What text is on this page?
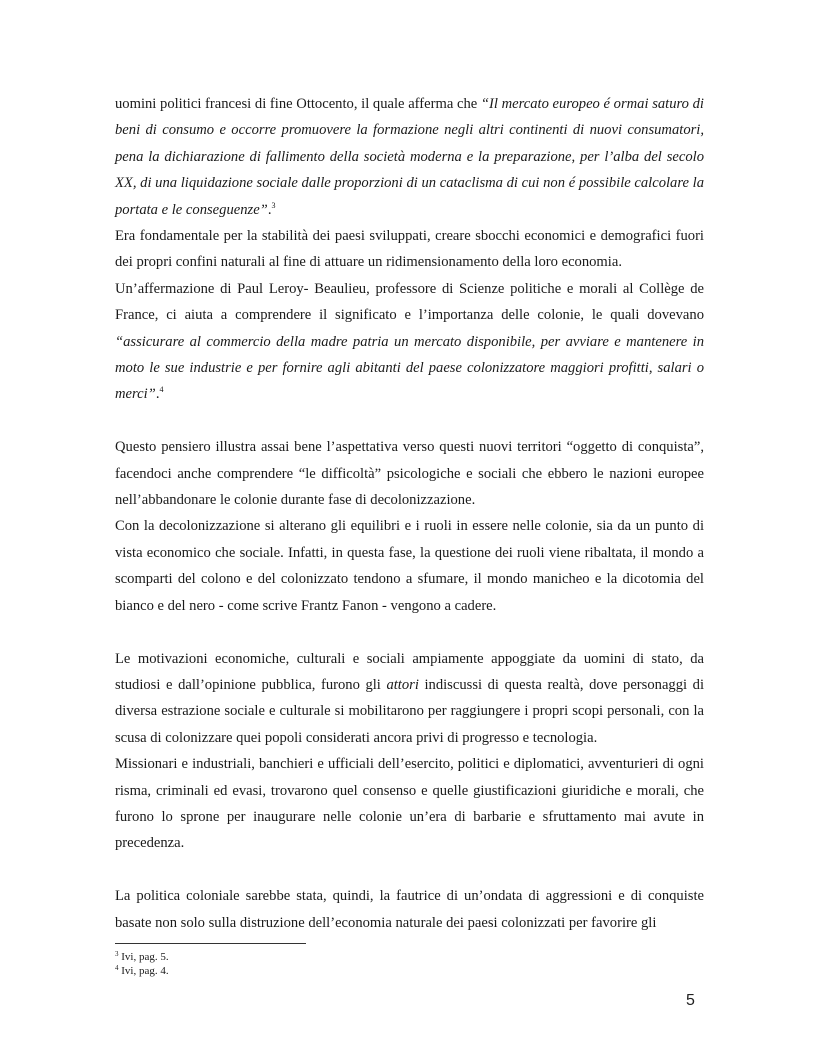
uomini politici francesi di fine Ottocento, il quale afferma che “Il mercato europeo é ormai saturo di beni di consumo e occorre promuovere la formazione negli altri continenti di nuovi consumatori, pena la dichiarazione di fallimento della società moderna e la preparazione, per l’alba del secolo XX, di una liquidazione sociale dalle proporzioni di un cataclisma di cui non é possibile calcolare la portata e le conseguenze”.$^3$

Era fondamentale per la stabilità dei paesi sviluppati, creare sbocchi economici e demografici fuori dei propri confini naturali al fine di attuare un ridimensionamento della loro economia.

Un’affermazione di Paul Leroy- Beaulieu, professore di Scienze politiche e morali al Collège de France, ci aiuta a comprendere il significato e l’importanza delle colonie, le quali dovevano “assicurare al commercio della madre patria un mercato disponibile, per avviare e mantenere in moto le sue industrie e per fornire agli abitanti del paese colonizzatore maggiori profitti, salari o merci”.$^4$

Questo pensiero illustra assai bene l’aspettativa verso questi nuovi territori “oggetto di conquista”, facendoci anche comprendere “le difficoltà” psicologiche e sociali che ebbero le nazioni europee nell’abbandonare le colonie durante fase di decolonizzazione.

Con la decolonizzazione si alterano gli equilibri e i ruoli in essere nelle colonie, sia da un punto di vista economico che sociale. Infatti, in questa fase, la questione dei ruoli viene ribaltata, il mondo a scomparti del colono e del colonizzato tendono a sfumare, il mondo manicheo e la dicotomia del bianco e del nero - come scrive Frantz Fanon - vengono a cadere.

Le motivazioni economiche, culturali e sociali ampiamente appoggiate da uomini di stato, da studiosi e dall’opinione pubblica, furono gli attori indiscussi di questa realtà, dove personaggi di diversa estrazione sociale e culturale si mobilitarono per raggiungere i propri scopi personali, con la scusa di colonizzare quei popoli considerati ancora privi di progresso e tecnologia.

Missionari e industriali, banchieri e ufficiali dell’esercito, politici e diplomatici, avventurieri di ogni risma, criminali ed evasi, trovarono quel consenso e quelle giustificazioni giuridiche e morali, che furono lo sprone per inaugurare nelle colonie un’era di barbarie e sfruttamento mai avute in precedenza.

La politica coloniale sarebbe stata, quindi, la fautrice di un’ondata di aggressioni e di conquiste basate non solo sulla distruzione dell’economia naturale dei paesi colonizzati per favorire gli

$^3$ Ivi, pag. 5.
$^4$ Ivi, pag. 4.
5
